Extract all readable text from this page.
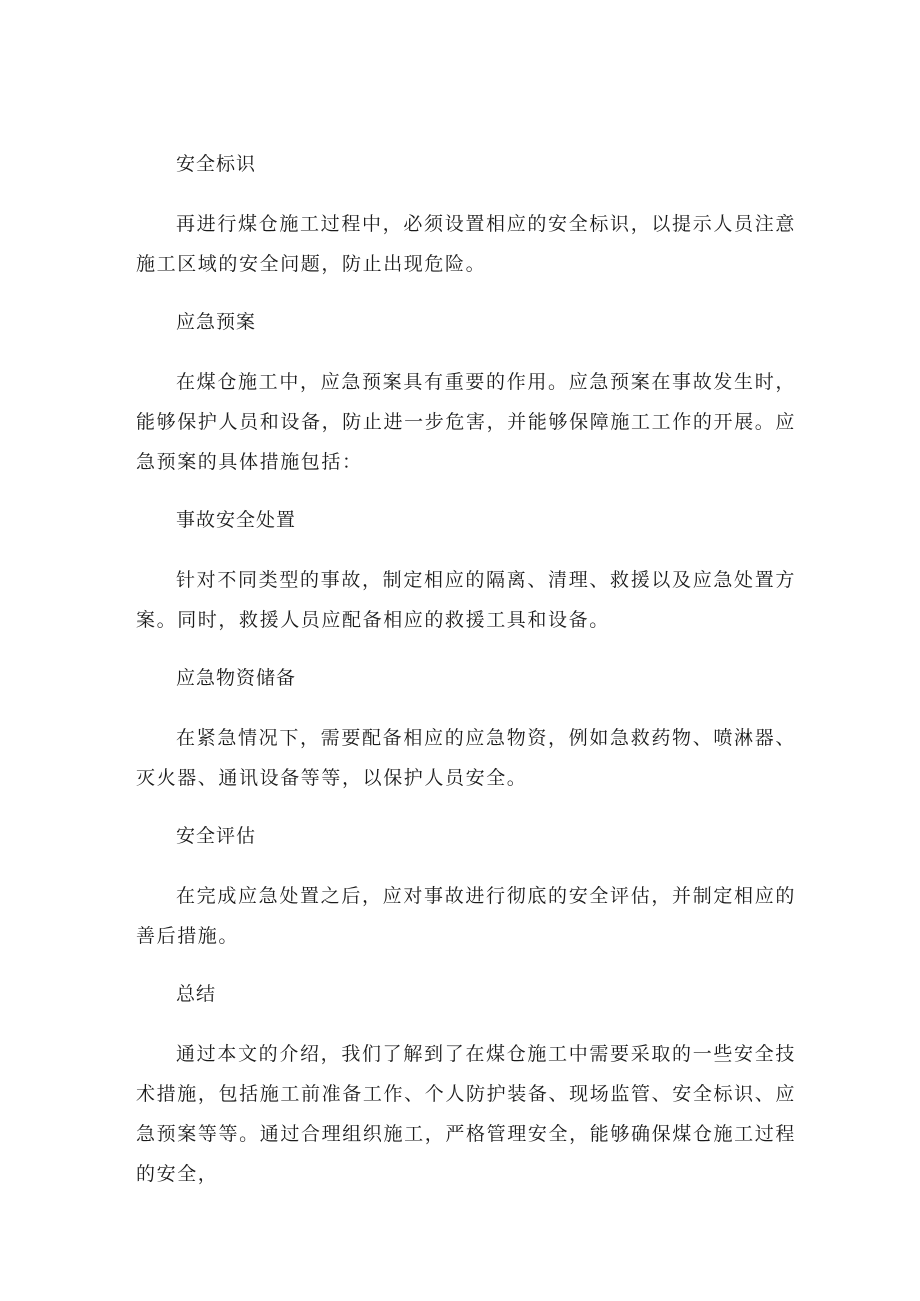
安全标识
再进行煤仓施工过程中，必须设置相应的安全标识，以提示人员注意施工区域的安全问题，防止出现危险。
应急预案
在煤仓施工中，应急预案具有重要的作用。应急预案在事故发生时，能够保护人员和设备，防止进一步危害，并能够保障施工工作的开展。应急预案的具体措施包括：
事故安全处置
针对不同类型的事故，制定相应的隔离、清理、救援以及应急处置方案。同时，救援人员应配备相应的救援工具和设备。
应急物资储备
在紧急情况下，需要配备相应的应急物资，例如急救药物、喷淋器、灭火器、通讯设备等等，以保护人员安全。
安全评估
在完成应急处置之后，应对事故进行彻底的安全评估，并制定相应的善后措施。
总结
通过本文的介绍，我们了解到了在煤仓施工中需要采取的一些安全技术措施，包括施工前准备工作、个人防护装备、现场监管、安全标识、应急预案等等。通过合理组织施工，严格管理安全，能够确保煤仓施工过程的安全，
